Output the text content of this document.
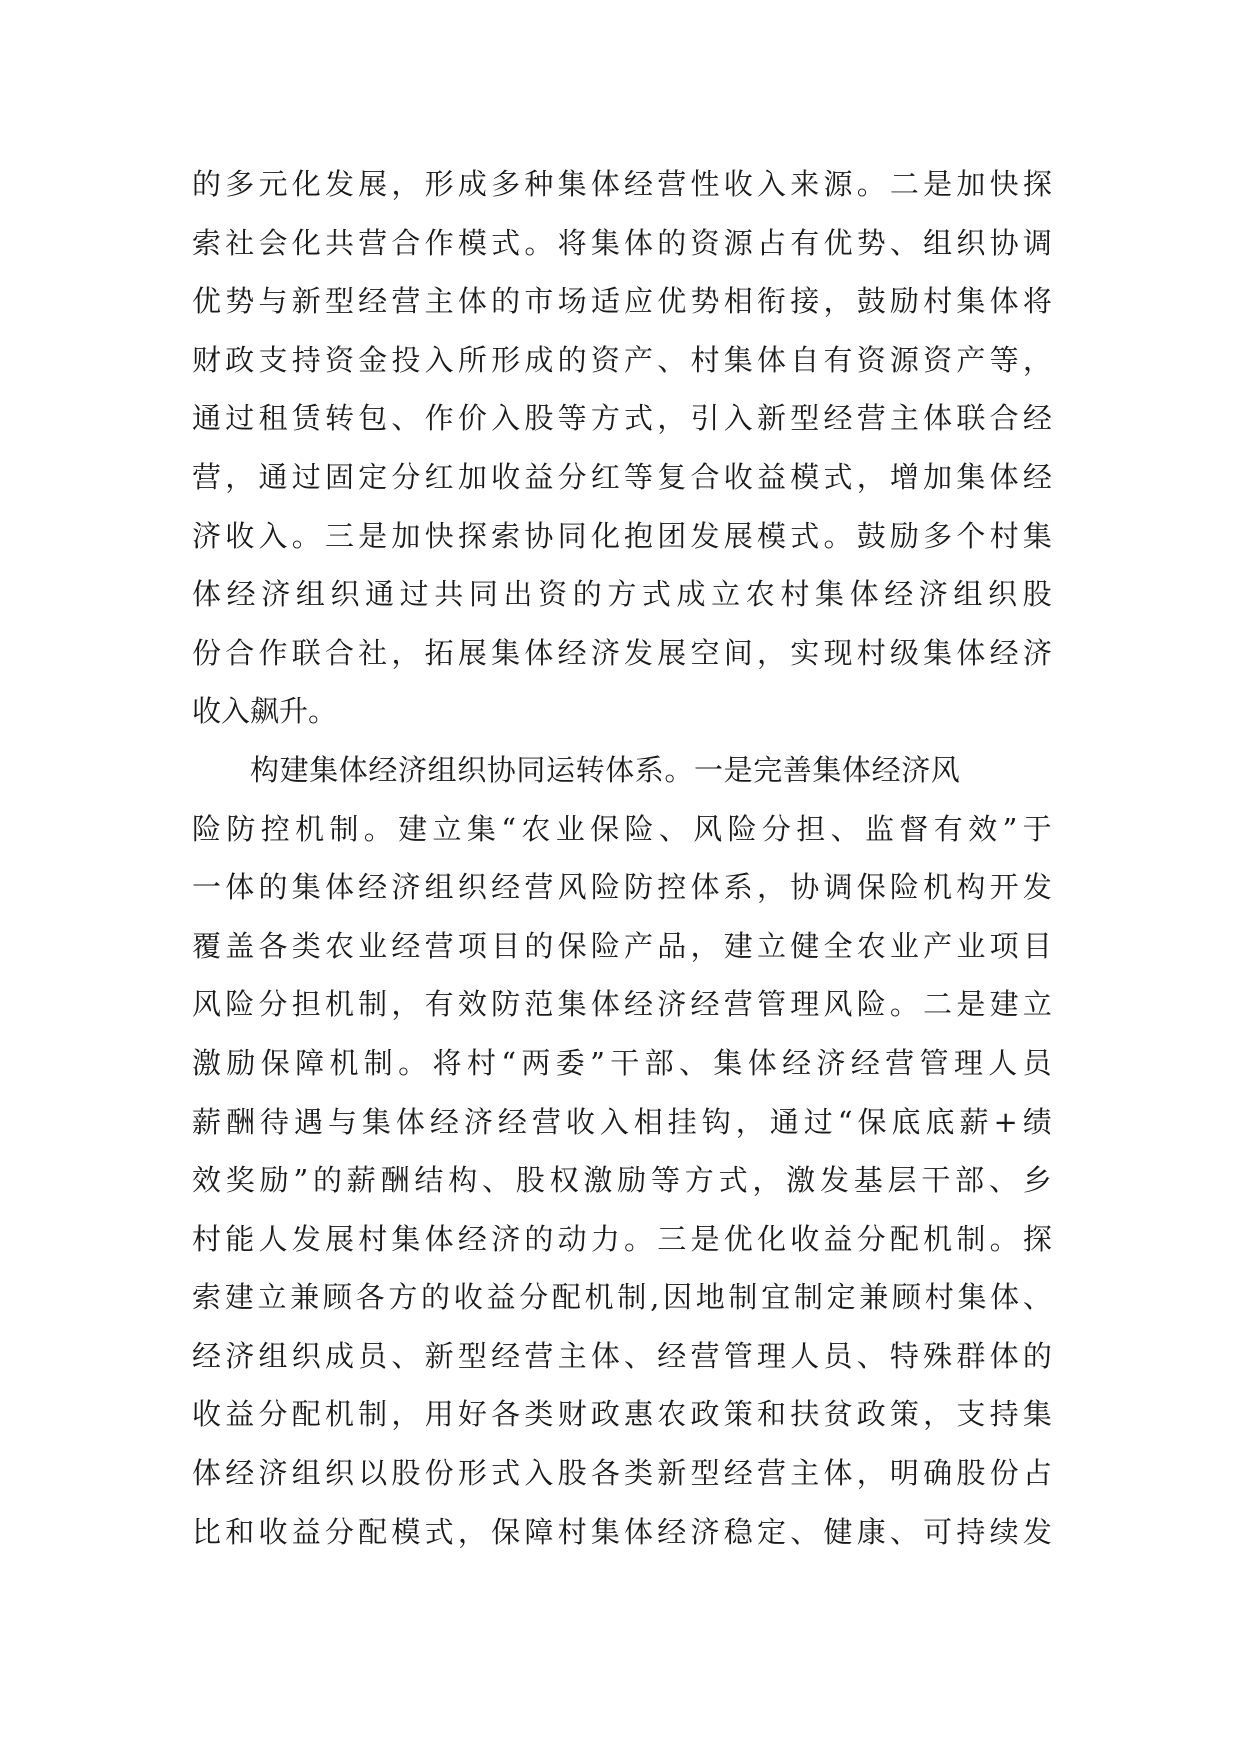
的 多 元 化 发 展 ， 形 成 多 种 集 体 经 营 性 收 入 来 源 。 二 是 加 快 探
索 社 会 化 共 营 合 作 模 式 。 将 集 体 的 资 源 占 有 优 势 、 组 织 协 调
优 势 与 新 型 经 营 主 体 的 市 场 适 应 优 势 相 衔 接 ， 鼓 励 村 集 体 将
财 政 支 持 资 金 投 入 所 形 成 的 资 产 、 村 集 体 自 有 资 源 资 产 等 ，
通 过 租 赁 转 包 、 作 价 入 股 等 方 式 ， 引 入 新 型 经 营 主 体 联 合 经
营 ， 通 过 固 定 分 红 加 收 益 分 红 等 复 合 收 益 模 式 ， 增 加 集 体 经
济 收 入 。 三 是 加 快 探 索 协 同 化 抱 团 发 展 模 式 。 鼓 励 多 个 村 集
体 经 济 组 织 通 过 共 同 出 资 的 方 式 成 立 农 村 集 体 经 济 组 织 股
份 合 作 联 合 社 ， 拓 展 集 体 经 济 发 展 空 间 ， 实 现 村 级 集 体 经 济
收入飙升。
构建集体经济组织协同运转体系。一是完善集体经济风
险 防 控 机 制 。 建 立 集 “ 农 业 保 险 、 风 险 分 担 、 监 督 有 效 ” 于
一 体 的 集 体 经 济 组 织 经 营 风 险 防 控 体 系 ， 协 调 保 险 机 构 开 发
覆 盖 各 类 农 业 经 营 项 目 的 保 险 产 品 ， 建 立 健 全 农 业 产 业 项 目
风 险 分 担 机 制 ， 有 效 防 范 集 体 经 济 经 营 管 理 风 险 。 二 是 建 立
激 励 保 障 机 制 。 将 村 “ 两 委 ” 干 部 、 集 体 经 济 经 营 管 理 人 员
薪 酬 待 遇 与 集 体 经 济 经 营 收 入 相 挂 钩 ， 通 过 “ 保 底 底 薪 + 绩
效 奖 励 ” 的 薪 酬 结 构 、 股 权 激 励 等 方 式 ， 激 发 基 层 干 部 、 乡
村 能 人 发 展 村 集 体 经 济 的 动 力 。 三 是 优 化 收 益 分 配 机 制 。 探
索 建 立 兼 顾 各 方 的 收 益 分 配 机 制 , 因 地 制 宜 制 定 兼 顾 村 集 体 、
经 济 组 织 成 员 、 新 型 经 营 主 体 、 经 营 管 理 人 员 、 特 殊 群 体 的
收 益 分 配 机 制 ， 用 好 各 类 财 政 惠 农 政 策 和 扶 贫 政 策 ， 支 持 集
体 经 济 组 织 以 股 份 形 式 入 股 各 类 新 型 经 营 主 体 ， 明 确 股 份 占
比 和 收 益 分 配 模 式 ， 保 障 村 集 体 经 济 稳 定 、 健 康 、 可 持 续 发
